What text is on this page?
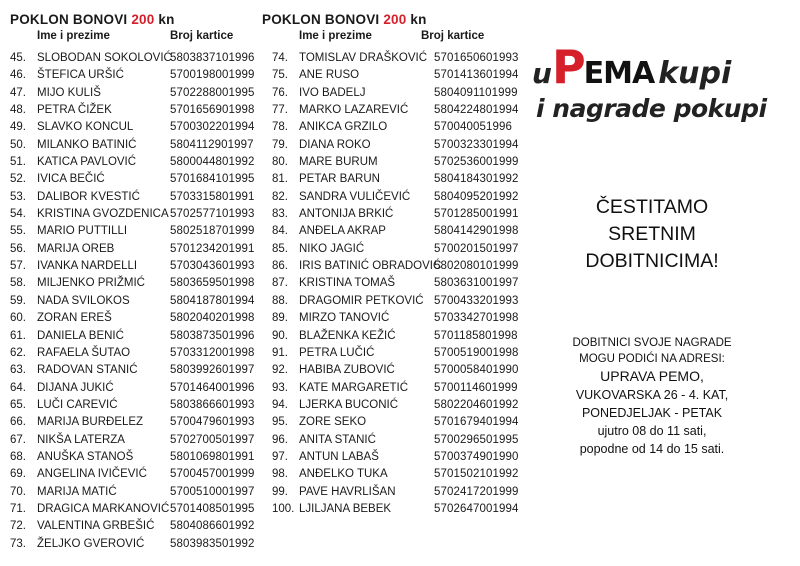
POKLON BONOVI 200 kn
Ime i prezime	Broj kartice
45. SLOBODAN SOKOLOVIĆ
5803837101996
46. ŠTEFICA URŠIĆ	5700198001999
47. MIJO KULIŠ	5702288001995
48. PETRA ČIŽEK	5701656901998
49. SLAVKO KONCUL	5700302201994
50. MILANKO BATINIĆ	5804112901997
51. KATICA PAVLOVIĆ	5800044801992
52. IVICA BEČIĆ	5701684101995
53. DALIBOR KVESTIĆ	5703315801991
54. KRISTINA GVOZDENICA 5702577101993
55. MARIO PUTTILLI	5802518701999
56. MARIJA OREB	5701234201991
57. IVANKA NARDELLI	5703043601993
58. MILJENKO PRIŽMIĆ 5803659501998
59. NADA SVILOKOS	5804187801994
60. ZORAN EREŠ	5802040201998
61. DANIELA BENIĆ	5803873501996
62. RAFAELA ŠUTAO	5703312001998
63. RADOVAN STANIĆ	5803992601997
64. DIJANA JUKIĆ	5701464001996
65. LUČI CAREVIĆ	5803866601993
66. MARIJA BURĐELEZ 5700479601993
67. NIKŠA LATERZA	5702700501997
68. ANUŠKA STANOŠ	5801069801991
69. ANGELINA IVIČEVIĆ 5700457001999
70. MARIJA MATIĆ	5700510001997
71. DRAGICA MARKANOVIĆ 5701408501995
72. VALENTINA GRBEŠIĆ 5804086601992
73. ŽELJKO GVEROVIĆ 5803983501992
POKLON BONOVI 200 kn
Ime i prezime	Broj kartice
74. TOMISLAV DRAŠKOVIĆ 5701650601993
75. ANE RUSO	5701413601994
76. IVO BADELJ	5804091101999
77. MARKO LAZAREVIĆ 5804224801994
78. ANIKCA GRZILO	570040051996
79. DIANA ROKO	5700323301994
80. MARE BURUM	5702536001999
81. PETAR BARUN	5804184301992
82. SANDRA VULIČEVIĆ 5804095201992
83. ANTONIJA BRKIĆ	5701285001991
84. ANĐELA AKRAP	5804142901998
85. NIKO JAGIĆ	5700201501997
86. IRIS BATINIĆ OBRADOVIĆ
5802080101999
87. KRISTINA TOMAŠ	5803631001997
88. DRAGOMIR PETKOVIĆ 5700433201993
89. MIRZO TANOVIĆ	5703342701998
90. BLAŽENKA KEŽIĆ	5701185801998
91. PETRA LUČIĆ	5700519001998
92. HABIBA ZUBOVIĆ	5700058401990
93. KATE MARGARETIĆ 5700114601999
94. LJERKA BUCONIĆ	5802204601992
95. ZORE SEKO	5701679401994
96. ANITA STANIĆ	5700296501995
97. ANTUN LABAŠ	5700374901990
98. ANĐELKO TUKA	5701502101992
99. PAVE HAVRLIŠAN	5702417201999
100. LJILJANA BEBEK	5702647001994
uPEMA kupi
i nagrade pokupi
ČESTITAMO
SRETNIM
DOBITNICIMA!
DOBITNICI SVOJE NAGRADE
MOGU PODIĆI NA ADRESI:
UPRAVA PEMO,
VUKOVARSKA 26 - 4. KAT,
PONEDJELJAK - PETAK
ujutro 08 do 11 sati,
popodne od 14 do 15 sati.
